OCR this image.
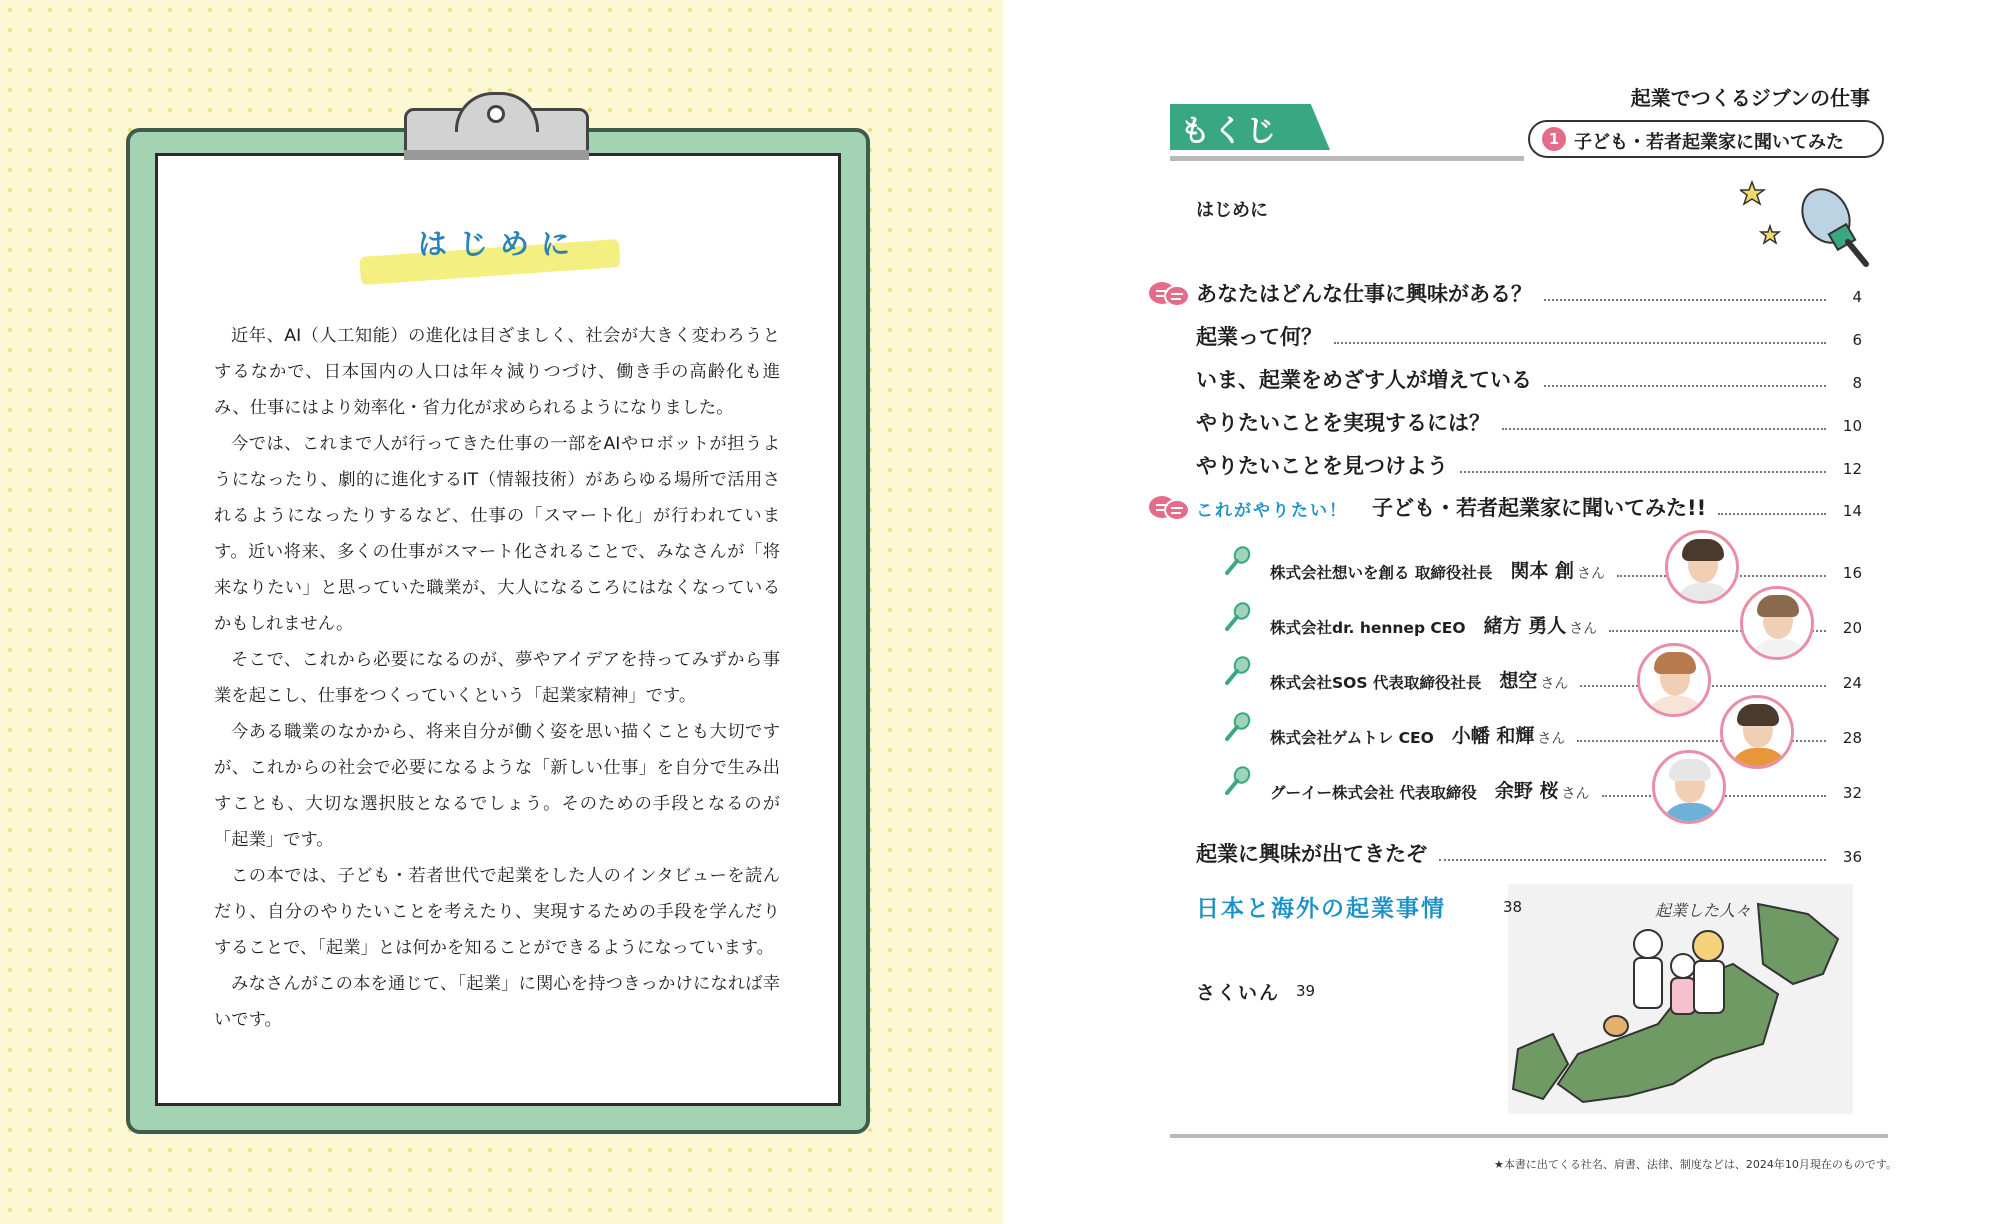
はじめに

近年、AI（人工知能）の進化は目ざましく、社会が大きく変わろうとするなかで、日本国内の人口は年々減りつづけ、働き手の高齢化も進み、仕事にはより効率化・省力化が求められるようになりました。

今では、これまで人が行ってきた仕事の一部をAIやロボットが担うようになったり、劇的に進化するIT（情報技術）があらゆる場所で活用されるようになったりするなど、仕事の「スマート化」が行われています。近い将来、多くの仕事がスマート化されることで、みなさんが「将来なりたい」と思っていた職業が、大人になるころにはなくなっているかもしれません。

そこで、これから必要になるのが、夢やアイデアを持ってみずから事業を起こし、仕事をつくっていくという「起業家精神」です。

今ある職業のなかから、将来自分が働く姿を思い描くことも大切ですが、これからの社会で必要になるような「新しい仕事」を自分で生み出すことも、大切な選択肢となるでしょう。そのための手段となるのが「起業」です。

この本では、子ども・若者世代で起業をした人のインタビューを読んだり、自分のやりたいことを考えたり、実現するための手段を学んだりすることで、「起業」とは何かを知ることができるようになっています。

みなさんがこの本を通じて、「起業」に関心を持つきっかけになれば幸いです。

起業でつくるジブンの仕事
1 子ども・若者起業家に聞いてみた
もくじ
はじめに
あなたはどんな仕事に興味がある？	4
起業って何？	6
いま、起業をめざす人が増えている	8
やりたいことを実現するには？	10
やりたいことを見つけよう	12
これがやりたい！ 子ども・若者起業家に聞いてみた!!	14
株式会社想いを創る 取締役社長 関本 創 さん	16
株式会社dr. hennep CEO 緒方 勇人 さん	20
株式会社SOS 代表取締役社長 想空 さん	24
株式会社ゲムトレ CEO 小幡 和輝 さん	28
グーイー株式会社 代表取締役 余野 桜 さん	32
起業に興味が出てきたぞ	36
起業した人々
日本と海外の起業事情	38
さくいん 39
★本書に出てくる社名、肩書、法律、制度などは、2024年10月現在のものです。
